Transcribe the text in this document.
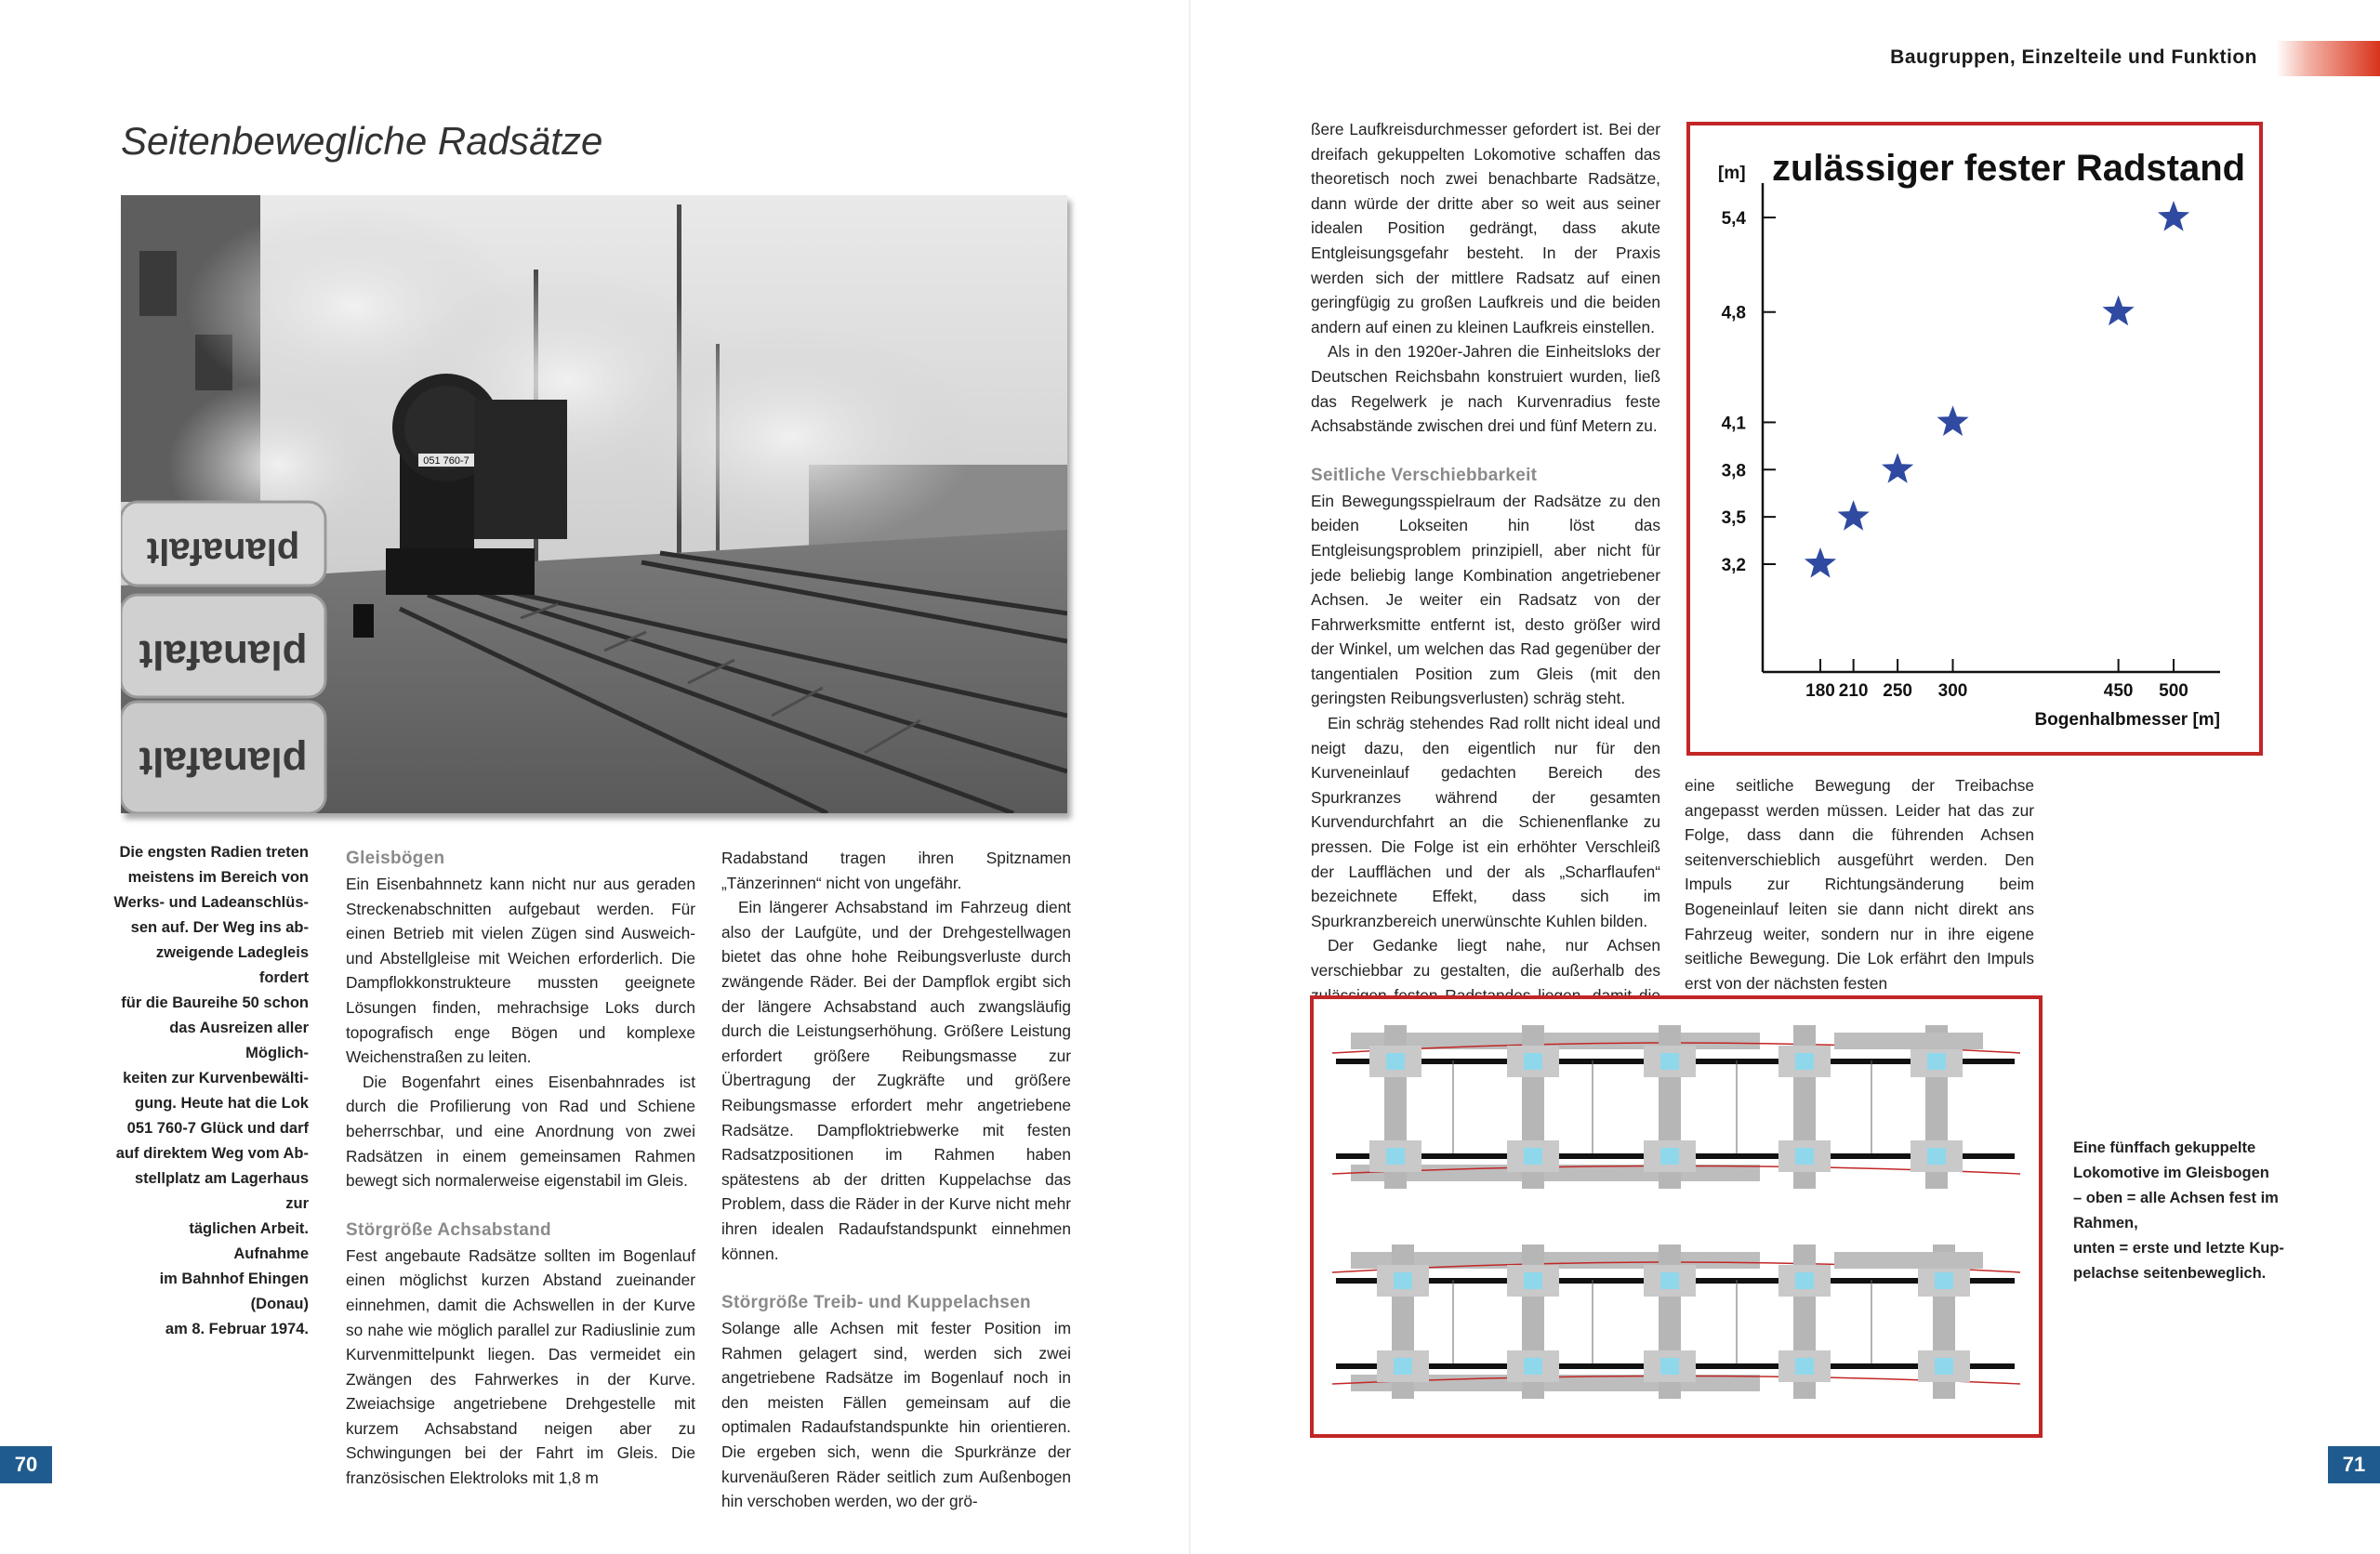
Baugruppen, Einzelteile und Funktion
Seitenbewegliche Radsätze
051 760-7
planafalt
planafalt
planafalt
Die engsten Radien treten
meistens im Bereich von
Werks- und Ladeanschlüs-
sen auf. Der Weg ins ab-
zweigende Ladegleis fordert
für die Baureihe 50 schon
das Ausreizen aller Möglich-
keiten zur Kurvenbewälti-
gung. Heute hat die Lok
051 760-7 Glück und darf
auf direktem Weg vom Ab-
stellplatz am Lagerhaus zur
täglichen Arbeit. Aufnahme
im Bahnhof Ehingen (Donau)
am 8. Februar 1974.
Gleisbögen

Ein Eisenbahnnetz kann nicht nur aus geraden Streckenabschnitten aufgebaut werden. Für einen Betrieb mit vielen Zügen sind Ausweich- und Abstellgleise mit Weichen erforderlich. Die Dampflokkonstrukteure mussten geeignete Lösungen finden, mehrachsige Loks durch topografisch enge Bögen und komplexe Weichenstraßen zu leiten.

Die Bogenfahrt eines Eisenbahnrades ist durch die Profilierung von Rad und Schiene beherrschbar, und eine Anordnung von zwei Radsätzen in einem gemeinsamen Rahmen bewegt sich normalerweise eigenstabil im Gleis.

Störgröße Achsabstand

Fest angebaute Radsätze sollten im Bogenlauf einen möglichst kurzen Abstand zueinander einnehmen, damit die Achswellen in der Kurve so nahe wie möglich parallel zur Radiuslinie zum Kurvenmittelpunkt liegen. Das vermeidet ein Zwängen des Fahrwerkes in der Kurve. Zweiachsige angetriebene Drehgestelle mit kurzem Achsabstand neigen aber zu Schwingungen bei der Fahrt im Gleis. Die französischen Elektroloks mit 1,8 m

Radabstand tragen ihren Spitznamen „Tänzerinnen“ nicht von ungefähr.

Ein längerer Achsabstand im Fahrzeug dient also der Laufgüte, und der Drehgestellwagen bietet das ohne hohe Reibungsverluste durch zwängende Räder. Bei der Dampflok ergibt sich der längere Achsabstand auch zwangsläufig durch die Leistungserhöhung. Größere Leistung erfordert größere Reibungsmasse zur Übertragung der Zugkräfte und größere Reibungsmasse erfordert mehr angetriebene Radsätze. Dampfloktriebwerke mit festen Radsatzpositionen im Rahmen haben spätestens ab der dritten Kuppelachse das Problem, dass die Räder in der Kurve nicht mehr ihren idealen Radaufstandspunkt einnehmen können.

Störgröße Treib- und Kuppelachsen

Solange alle Achsen mit fester Position im Rahmen gelagert sind, werden sich zwei angetriebene Radsätze im Bogenlauf noch in den meisten Fällen gemeinsam auf die optimalen Radaufstandspunkte hin orientieren. Die ergeben sich, wenn die Spurkränze der kurvenäußeren Räder seitlich zum Außenbogen hin verschoben werden, wo der grö-

ßere Laufkreisdurchmesser gefordert ist. Bei der dreifach gekuppelten Lokomotive schaffen das theoretisch noch zwei benachbarte Radsätze, dann würde der dritte aber so weit aus seiner idealen Position gedrängt, dass akute Entgleisungsgefahr besteht. In der Praxis werden sich der mittlere Radsatz auf einen geringfügig zu großen Laufkreis und die beiden andern auf einen zu kleinen Laufkreis einstellen.

Als in den 1920er-Jahren die Einheitsloks der Deutschen Reichsbahn konstruiert wurden, ließ das Regelwerk je nach Kurvenradius feste Achsabstände zwischen drei und fünf Metern zu.

Seitliche Verschiebbarkeit

Ein Bewegungsspielraum der Radsätze zu den beiden Lokseiten hin löst das Entgleisungsproblem prinzipiell, aber nicht für jede beliebig lange Kombination angetriebener Achsen. Je weiter ein Radsatz von der Fahrwerksmitte entfernt ist, desto größer wird der Winkel, um welchen das Rad gegenüber der tangentialen Position zum Gleis (mit den geringsten Reibungsverlusten) schräg steht.

Ein schräg stehendes Rad rollt nicht ideal und neigt dazu, den eigentlich nur für den Kurveneinlauf gedachten Bereich des Spurkranzes während der gesamten Kurvendurchfahrt an die Schienenflanke zu pressen. Die Folge ist ein erhöhter Verschleiß der Laufflächen und der als „Scharflaufen“ bezeichnete Effekt, dass sich im Spurkranzbereich unerwünschte Kuhlen bilden.

Der Gedanke liegt nahe, nur Achsen verschiebbar zu gestalten, die außerhalb des

eine seitliche Bewegung der Treibachse angepasst werden müssen. Leider hat das zur Folge, dass dann die führenden Achsen seitenverschieblich ausgeführt werden. Den Impuls zur Richtungsänderung beim Bogeneinlauf leiten sie dann nicht direkt ans Fahrzeug weiter, sondern nur in ihre eigene seitliche Bewegung. Die Lok erfährt den Impuls erst von der nächsten festen

zulässiger fester Radstand
[m]
Bogenhalbmesser [m]
3,2
3,5
3,8
4,1
4,8
5,4
180 210 250 300	450 500
Eine fünffach gekuppelte
Lokomotive im Gleisbogen
– oben = alle Achsen fest im
Rahmen,
unten = erste und letzte Kup-
pelachse seitenbeweglich.
70	71
